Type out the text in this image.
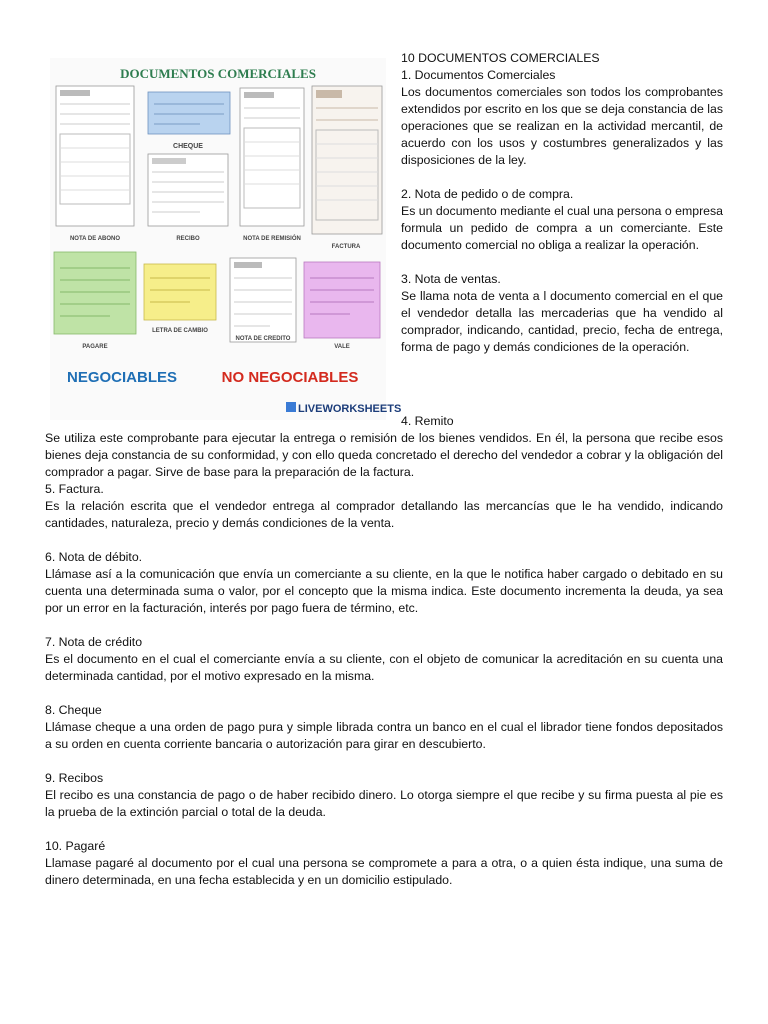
DOCUMENTOS COMERCIALES
NOTA DE ABONO
CHEQUE
RECIBO	NOTA DE REMISIÓN
FACTURA
PAGARE
LETRA DE CAMBIO
NOTA DE CREDITO
VALE
NEGOCIABLES	NO NEGOCIABLES
LIVEWORKSHEETS

10 DOCUMENTOS COMERCIALES

1. Documentos Comerciales

Los documentos comerciales son todos los comprobantes extendidos por escrito en los que se deja constancia de las operaciones que se realizan en la actividad mercantil, de acuerdo con los usos y costumbres generalizados y las disposiciones de la ley.

2. Nota de pedido o de compra.

Es un documento mediante el cual una persona o empresa formula un pedido de compra a un comerciante. Este documento comercial no obliga a realizar la operación.

3. Nota de ventas.

Se llama nota de venta a l documento comercial en el que el vendedor detalla las mercaderias que ha vendido al comprador, indicando, cantidad, precio, fecha de entrega, forma de pago y demás condiciones de la operación.

4. Remito

Se utiliza este comprobante para ejecutar la entrega o remisión de los bienes vendidos. En él, la persona que recibe esos bienes deja constancia de su conformidad, y con ello queda concretado el derecho del vendedor a cobrar y la obligación del comprador a pagar. Sirve de base para la preparación de la factura.

5. Factura.

Es la relación escrita que el vendedor entrega al comprador detallando las mercancías que le ha vendido, indicando cantidades, naturaleza, precio y demás condiciones de la venta.

6. Nota de débito.

Llámase así a la comunicación que envía un comerciante a su cliente, en la que le notifica haber cargado o debitado en su cuenta una determinada suma o valor, por el concepto que la misma indica. Este documento incrementa la deuda, ya sea por un error en la facturación, interés por pago fuera de término, etc.

7. Nota de crédito

Es el documento en el cual el comerciante envía a su cliente, con el objeto de comunicar la acreditación en su cuenta una determinada cantidad, por el motivo expresado en la misma.

8. Cheque

Llámase cheque a una orden de pago pura y simple librada contra un banco en el cual el librador tiene fondos depositados a su orden en cuenta corriente bancaria o autorización para girar en descubierto.

9. Recibos

El recibo es una constancia de pago o de haber recibido dinero. Lo otorga siempre el que recibe y su firma puesta al pie es la prueba de la extinción parcial o total de la deuda.

10. Pagaré

Llamase pagaré al documento por el cual una persona se compromete a para a otra, o a quien ésta indique, una suma de dinero determinada, en una fecha establecida y en un domicilio estipulado.
